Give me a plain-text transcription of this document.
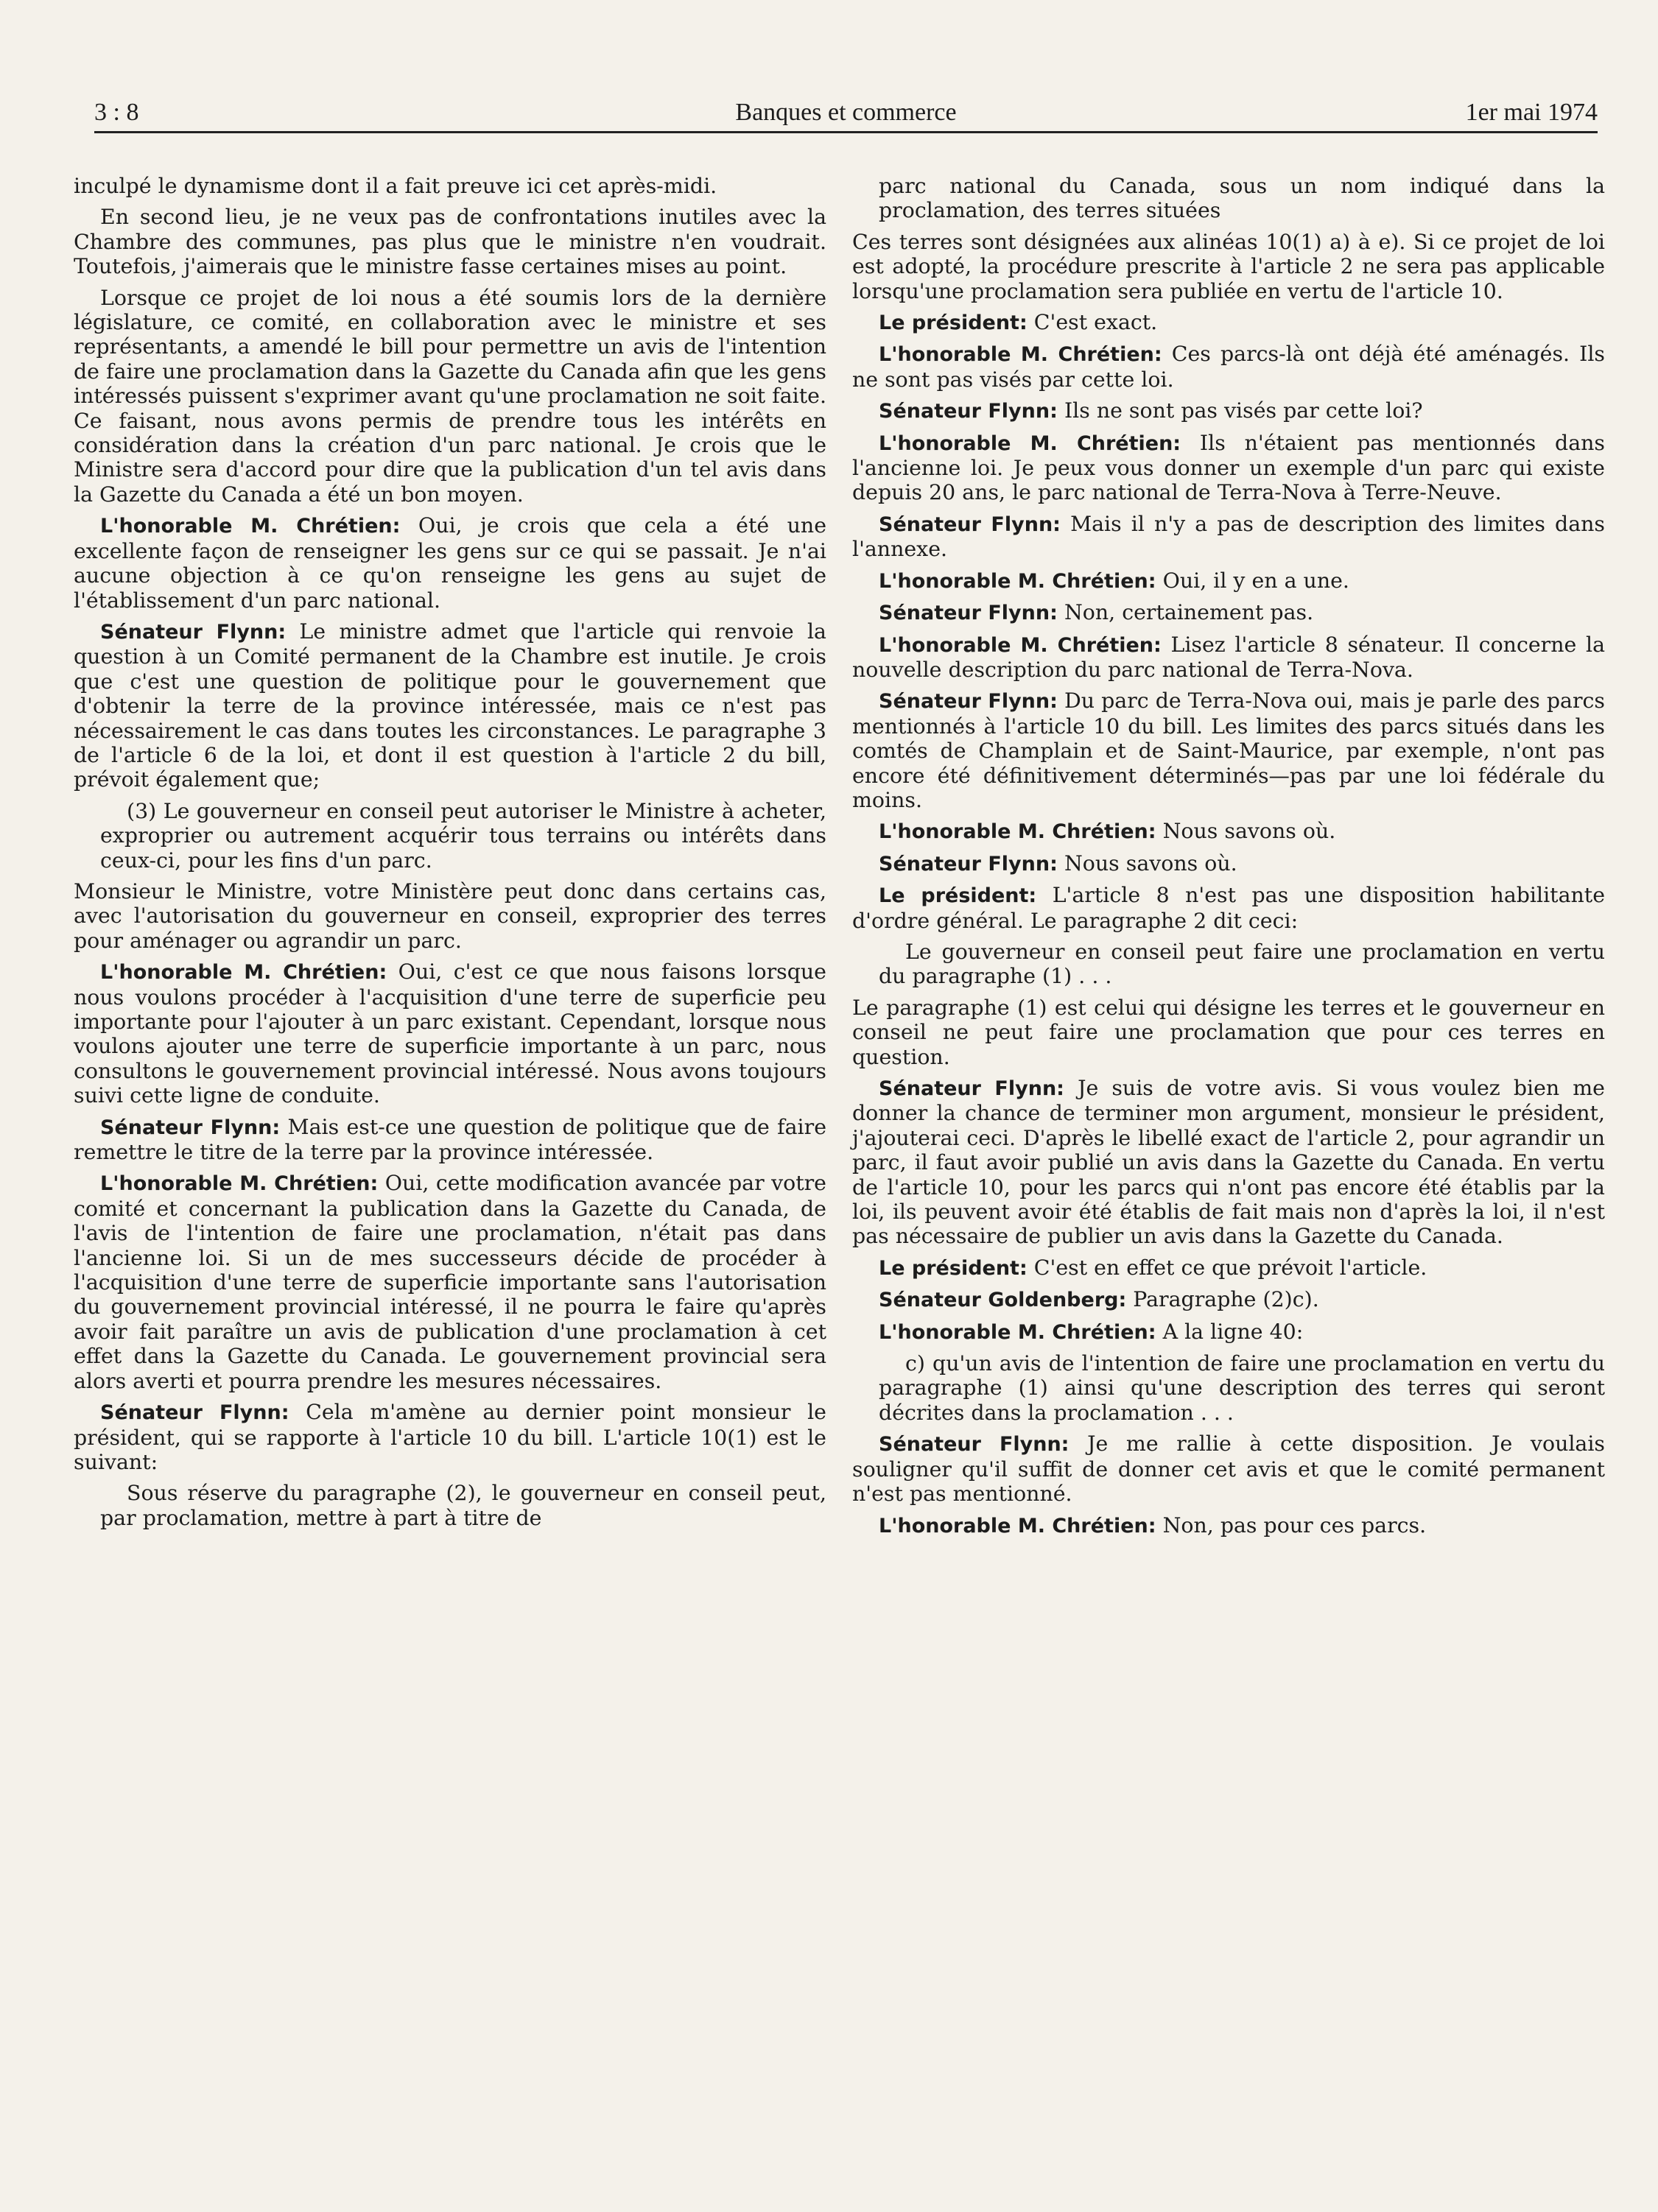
3 : 8	Banques et commerce	1er mai 1974

inculpé le dynamisme dont il a fait preuve ici cet après-midi.

En second lieu, je ne veux pas de confrontations inutiles avec la Chambre des communes, pas plus que le ministre n'en voudrait. Toutefois, j'aimerais que le ministre fasse certaines mises au point.

Lorsque ce projet de loi nous a été soumis lors de la dernière législature, ce comité, en collaboration avec le ministre et ses représentants, a amendé le bill pour permettre un avis de l'intention de faire une proclamation dans la Gazette du Canada afin que les gens intéressés puissent s'exprimer avant qu'une proclamation ne soit faite. Ce faisant, nous avons permis de prendre tous les intérêts en considération dans la création d'un parc national. Je crois que le Ministre sera d'accord pour dire que la publication d'un tel avis dans la Gazette du Canada a été un bon moyen.

L'honorable M. Chrétien: Oui, je crois que cela a été une excellente façon de renseigner les gens sur ce qui se passait. Je n'ai aucune objection à ce qu'on renseigne les gens au sujet de l'établissement d'un parc national.

Sénateur Flynn: Le ministre admet que l'article qui renvoie la question à un Comité permanent de la Chambre est inutile. Je crois que c'est une question de politique pour le gouvernement que d'obtenir la terre de la province intéressée, mais ce n'est pas nécessairement le cas dans toutes les circonstances. Le paragraphe 3 de l'article 6 de la loi, et dont il est question à l'article 2 du bill, prévoit également que;

(3) Le gouverneur en conseil peut autoriser le Ministre à acheter, exproprier ou autrement acquérir tous terrains ou intérêts dans ceux-ci, pour les fins d'un parc.

Monsieur le Ministre, votre Ministère peut donc dans certains cas, avec l'autorisation du gouverneur en conseil, exproprier des terres pour aménager ou agrandir un parc.

L'honorable M. Chrétien: Oui, c'est ce que nous faisons lorsque nous voulons procéder à l'acquisition d'une terre de superficie peu importante pour l'ajouter à un parc existant. Cependant, lorsque nous voulons ajouter une terre de superficie importante à un parc, nous consultons le gouvernement provincial intéressé. Nous avons toujours suivi cette ligne de conduite.

Sénateur Flynn: Mais est-ce une question de politique que de faire remettre le titre de la terre par la province intéressée.

L'honorable M. Chrétien: Oui, cette modification avancée par votre comité et concernant la publication dans la Gazette du Canada, de l'avis de l'intention de faire une proclamation, n'était pas dans l'ancienne loi. Si un de mes successeurs décide de procéder à l'acquisition d'une terre de superficie importante sans l'autorisation du gouvernement provincial intéressé, il ne pourra le faire qu'après avoir fait paraître un avis de publication d'une proclamation à cet effet dans la Gazette du Canada. Le gouvernement provincial sera alors averti et pourra prendre les mesures nécessaires.

Sénateur Flynn: Cela m'amène au dernier point monsieur le président, qui se rapporte à l'article 10 du bill. L'article 10(1) est le suivant:

Sous réserve du paragraphe (2), le gouverneur en conseil peut, par proclamation, mettre à part à titre de

parc national du Canada, sous un nom indiqué dans la proclamation, des terres situées

Ces terres sont désignées aux alinéas 10(1) a) à e). Si ce projet de loi est adopté, la procédure prescrite à l'article 2 ne sera pas applicable lorsqu'une proclamation sera publiée en vertu de l'article 10.

Le président: C'est exact.

L'honorable M. Chrétien: Ces parcs-là ont déjà été aménagés. Ils ne sont pas visés par cette loi.

Sénateur Flynn: Ils ne sont pas visés par cette loi?

L'honorable M. Chrétien: Ils n'étaient pas mentionnés dans l'ancienne loi. Je peux vous donner un exemple d'un parc qui existe depuis 20 ans, le parc national de Terra-Nova à Terre-Neuve.

Sénateur Flynn: Mais il n'y a pas de description des limites dans l'annexe.

L'honorable M. Chrétien: Oui, il y en a une.

Sénateur Flynn: Non, certainement pas.

L'honorable M. Chrétien: Lisez l'article 8 sénateur. Il concerne la nouvelle description du parc national de Terra-Nova.

Sénateur Flynn: Du parc de Terra-Nova oui, mais je parle des parcs mentionnés à l'article 10 du bill. Les limites des parcs situés dans les comtés de Champlain et de Saint-Maurice, par exemple, n'ont pas encore été définitivement déterminés—pas par une loi fédérale du moins.

L'honorable M. Chrétien: Nous savons où.

Sénateur Flynn: Nous savons où.

Le président: L'article 8 n'est pas une disposition habilitante d'ordre général. Le paragraphe 2 dit ceci:

Le gouverneur en conseil peut faire une proclamation en vertu du paragraphe (1) . . .

Le paragraphe (1) est celui qui désigne les terres et le gouverneur en conseil ne peut faire une proclamation que pour ces terres en question.

Sénateur Flynn: Je suis de votre avis. Si vous voulez bien me donner la chance de terminer mon argument, monsieur le président, j'ajouterai ceci. D'après le libellé exact de l'article 2, pour agrandir un parc, il faut avoir publié un avis dans la Gazette du Canada. En vertu de l'article 10, pour les parcs qui n'ont pas encore été établis par la loi, ils peuvent avoir été établis de fait mais non d'après la loi, il n'est pas nécessaire de publier un avis dans la Gazette du Canada.

Le président: C'est en effet ce que prévoit l'article.

Sénateur Goldenberg: Paragraphe (2)c).

L'honorable M. Chrétien: A la ligne 40:

c) qu'un avis de l'intention de faire une proclamation en vertu du paragraphe (1) ainsi qu'une description des terres qui seront décrites dans la proclamation . . .

Sénateur Flynn: Je me rallie à cette disposition. Je voulais souligner qu'il suffit de donner cet avis et que le comité permanent n'est pas mentionné.

L'honorable M. Chrétien: Non, pas pour ces parcs.
